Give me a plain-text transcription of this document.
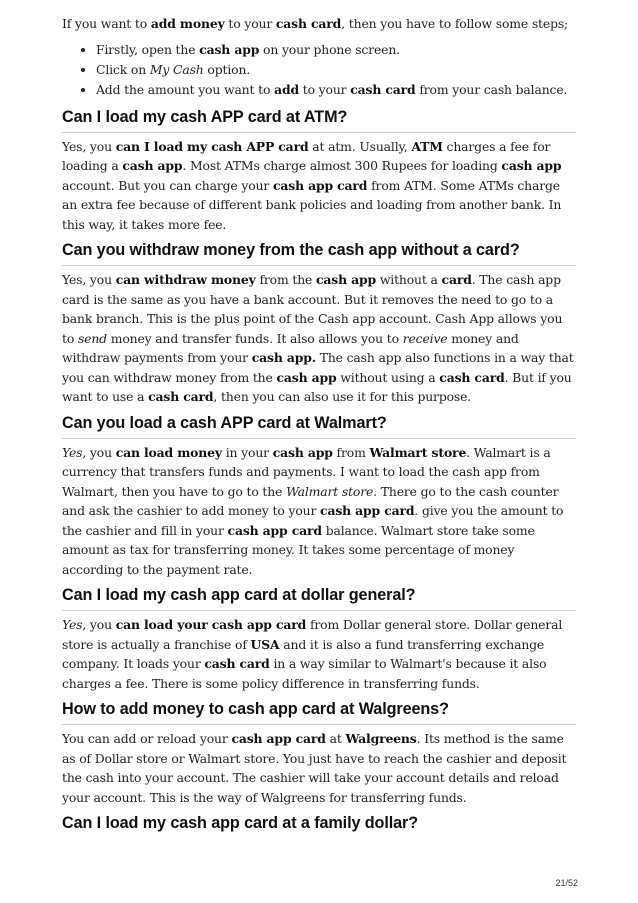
If you want to add money to your cash card, then you have to follow some steps;

• Firstly, open the cash app on your phone screen.
• Click on My Cash option.
• Add the amount you want to add to your cash card from your cash balance.
Can I load my cash APP card at ATM?

Yes, you can I load my cash APP card at atm. Usually, ATM charges a fee for loading a cash app. Most ATMs charge almost 300 Rupees for loading cash app account. But you can charge your cash app card from ATM. Some ATMs charge an extra fee because of different bank policies and loading from another bank. In this way, it takes more fee.

Can you withdraw money from the cash app without a card?

Yes, you can withdraw money from the cash app without a card. The cash app card is the same as you have a bank account. But it removes the need to go to a bank branch. This is the plus point of the Cash app account. Cash App allows you to send money and transfer funds. It also allows you to receive money and withdraw payments from your cash app. The cash app also functions in a way that you can withdraw money from the cash app without using a cash card. But if you want to use a cash card, then you can also use it for this purpose.

Can you load a cash APP card at Walmart?

Yes, you can load money in your cash app from Walmart store. Walmart is a currency that transfers funds and payments. I want to load the cash app from Walmart, then you have to go to the Walmart store. There go to the cash counter and ask the cashier to add money to your cash app card. give you the amount to the cashier and fill in your cash app card balance. Walmart store take some amount as tax for transferring money. It takes some percentage of money according to the payment rate.

Can I load my cash app card at dollar general?

Yes, you can load your cash app card from Dollar general store. Dollar general store is actually a franchise of USA and it is also a fund transferring exchange company. It loads your cash card in a way similar to Walmart's because it also charges a fee. There is some policy difference in transferring funds.

How to add money to cash app card at Walgreens?

You can add or reload your cash app card at Walgreens. Its method is the same as of Dollar store or Walmart store. You just have to reach the cashier and deposit the cash into your account. The cashier will take your account details and reload your account. This is the way of Walgreens for transferring funds.

Can I load my cash app card at a family dollar?
21/52
